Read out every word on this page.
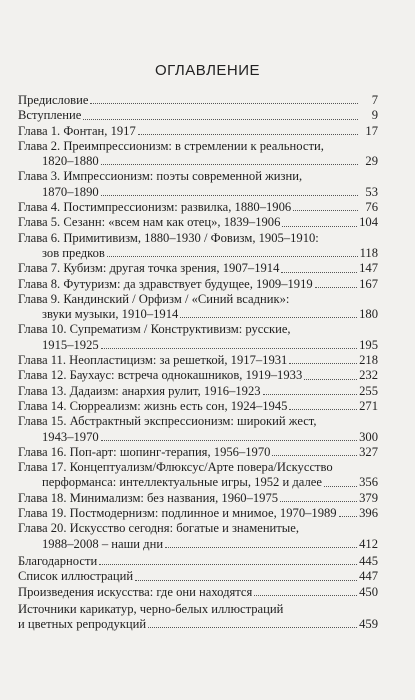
ОГЛАВЛЕНИЕ
Предисловие	7
Вступление	9
Глава 1. Фонтан, 1917	17
Глава 2. Преимпрессионизм: в стремлении к реальности,
1820–1880	29
Глава 3. Импрессионизм: поэты современной жизни,
1870–1890	53
Глава 4. Постимпрессионизм: развилка, 1880–1906	76
Глава 5. Сезанн: «всем нам как отец», 1839–1906	104
Глава 6. Примитивизм, 1880–1930 / Фовизм, 1905–1910:
зов предков	118
Глава 7. Кубизм: другая точка зрения, 1907–1914	147
Глава 8. Футуризм: да здравствует будущее, 1909–1919	167
Глава 9. Кандинский / Орфизм / «Синий всадник»:
звуки музыки, 1910–1914	180
Глава 10. Супрематизм / Конструктивизм: русские,
1915–1925	195
Глава 11. Неопластицизм: за решеткой, 1917–1931	218
Глава 12. Баухаус: встреча однокашников, 1919–1933	232
Глава 13. Дадаизм: анархия рулит, 1916–1923	255
Глава 14. Сюрреализм: жизнь есть сон, 1924–1945	271
Глава 15. Абстрактный экспрессионизм: широкий жест,
1943–1970	300
Глава 16. Поп-арт: шопинг-терапия, 1956–1970	327
Глава 17. Концептуализм/Флюксус/Арте повера/Искусство
перформанса: интеллектуальные игры, 1952 и далее	356
Глава 18. Минимализм: без названия, 1960–1975	379
Глава 19. Постмодернизм: подлинное и мнимое, 1970–1989 396
Глава 20. Искусство сегодня: богатые и знаменитые,
1988–2008 – наши дни	412
Благодарности	445
Список иллюстраций	447
Произведения искусства: где они находятся	450
Источники карикатур, черно-белых иллюстраций
и цветных репродукций	459
